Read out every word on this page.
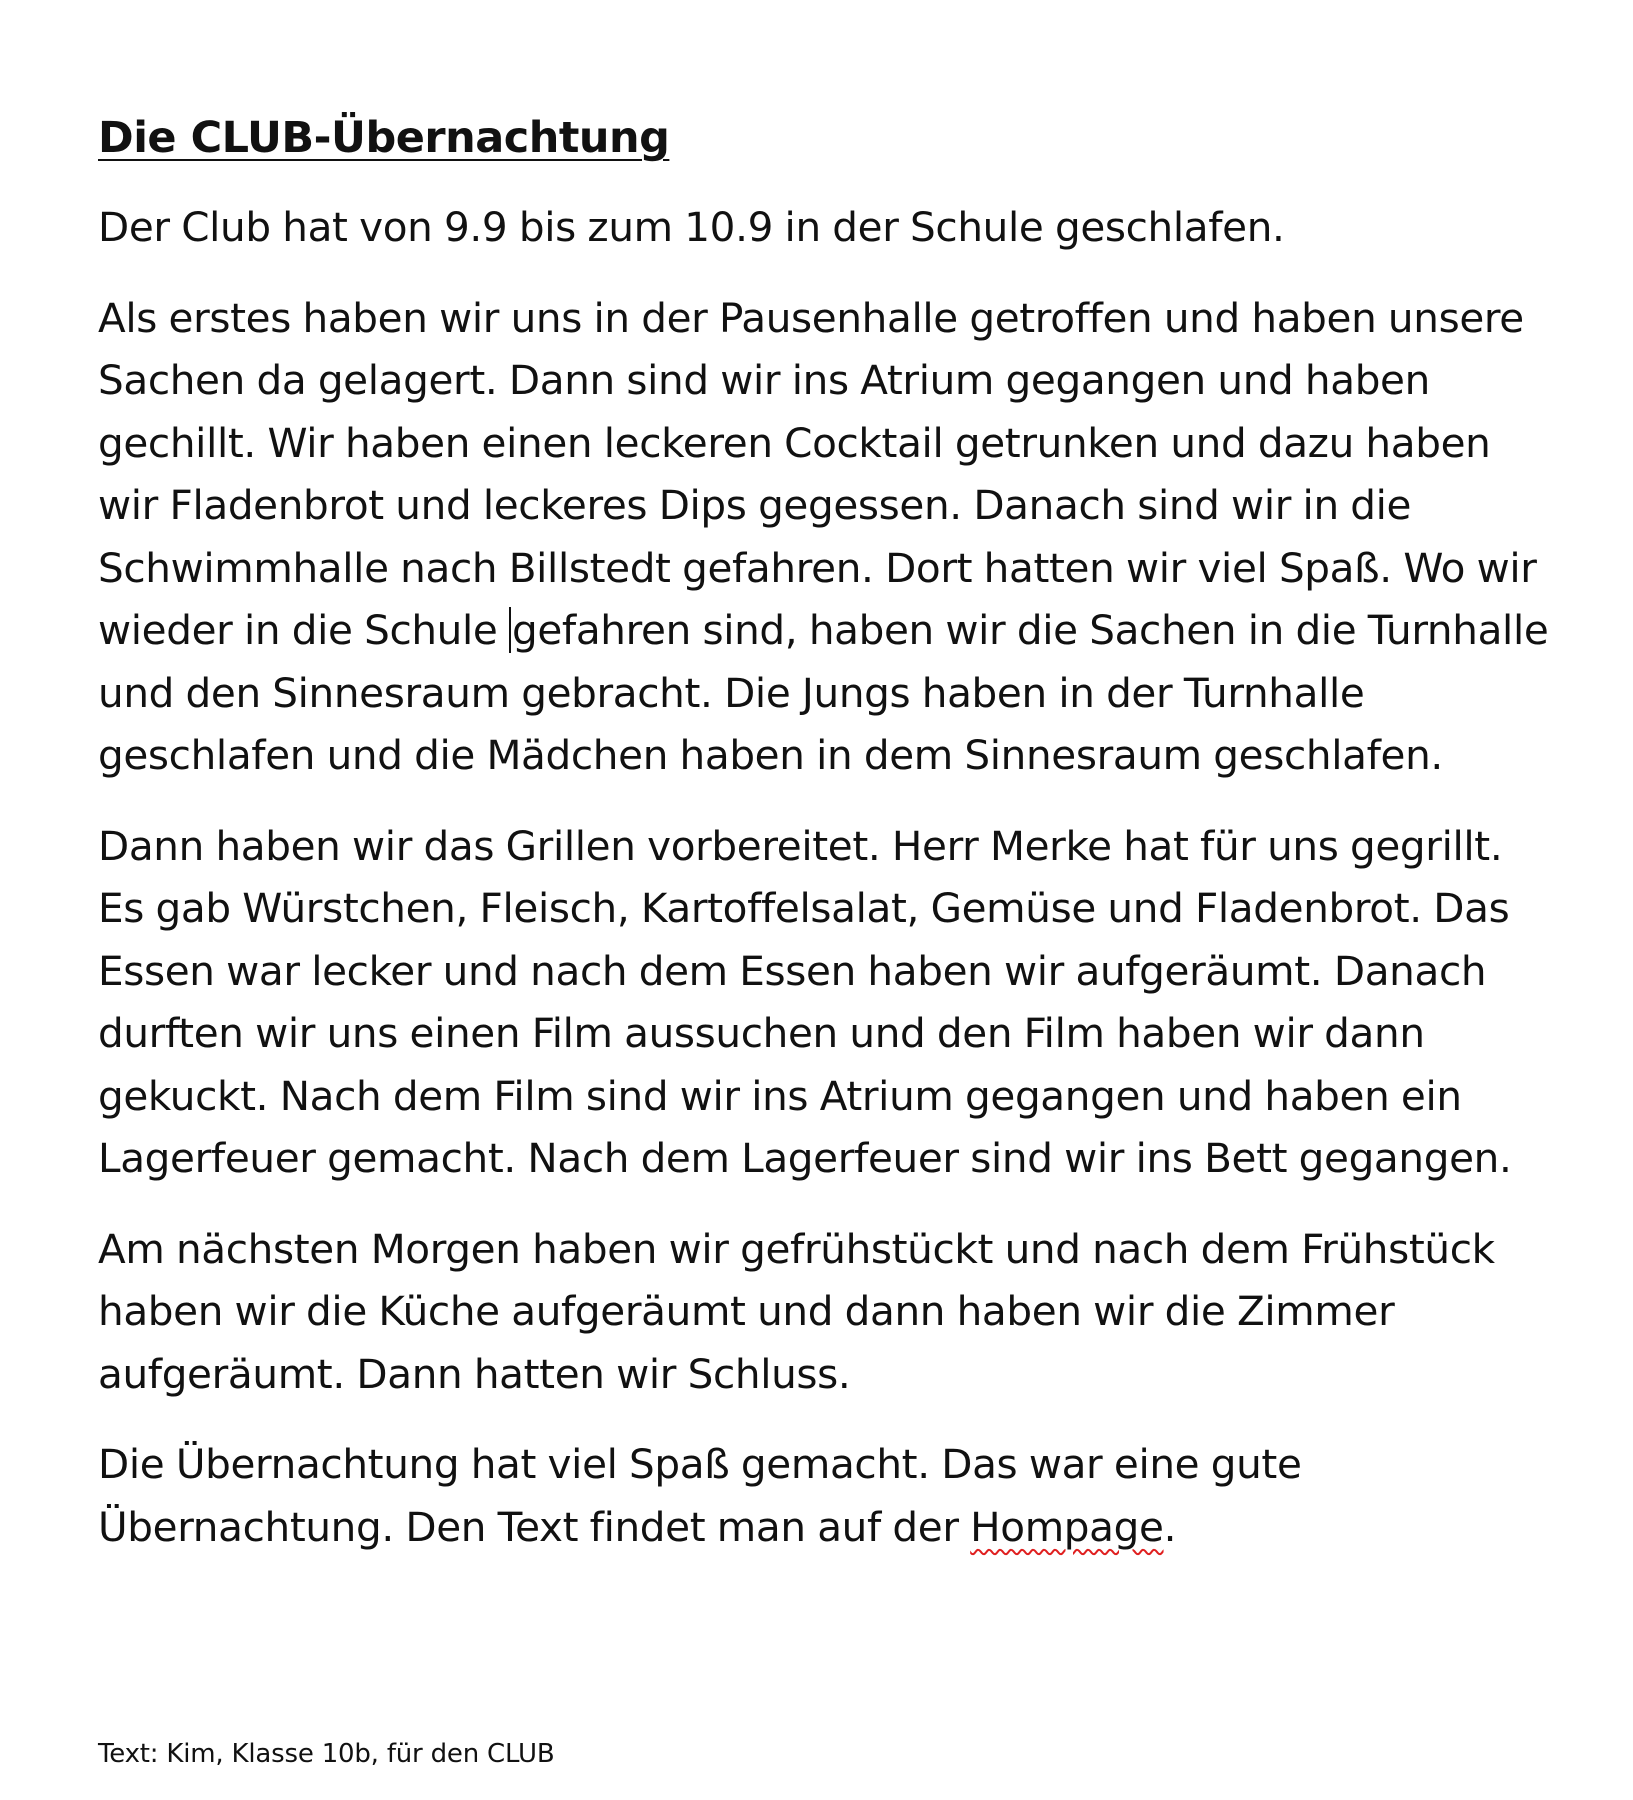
Die CLUB-Übernachtung

Der Club hat von 9.9 bis zum 10.9 in der Schule geschlafen.

Als erstes haben wir uns in der Pausenhalle getroffen und haben unsere Sachen da gelagert. Dann sind wir ins Atrium gegangen und haben gechillt. Wir haben einen leckeren Cocktail getrunken und dazu haben wir Fladenbrot und leckeres Dips gegessen. Danach sind wir in die Schwimmhalle nach Billstedt gefahren. Dort hatten wir viel Spaß. Wo wir wieder in die Schule gefahren sind, haben wir die Sachen in die Turnhalle und den Sinnesraum gebracht. Die Jungs haben in der Turnhalle geschlafen und die Mädchen haben in dem Sinnesraum geschlafen.

Dann haben wir das Grillen vorbereitet. Herr Merke hat für uns gegrillt. Es gab Würstchen, Fleisch, Kartoffelsalat, Gemüse und Fladenbrot. Das Essen war lecker und nach dem Essen haben wir aufgeräumt. Danach durften wir uns einen Film aussuchen und den Film haben wir dann gekuckt. Nach dem Film sind wir ins Atrium gegangen und haben ein Lagerfeuer gemacht. Nach dem Lagerfeuer sind wir ins Bett gegangen.

Am nächsten Morgen haben wir gefrühstückt und nach dem Frühstück haben wir die Küche aufgeräumt und dann haben wir die Zimmer aufgeräumt. Dann hatten wir Schluss.

Die Übernachtung hat viel Spaß gemacht. Das war eine gute Übernachtung. Den Text findet man auf der Hompage.

Text: Kim, Klasse 10b, für den CLUB
